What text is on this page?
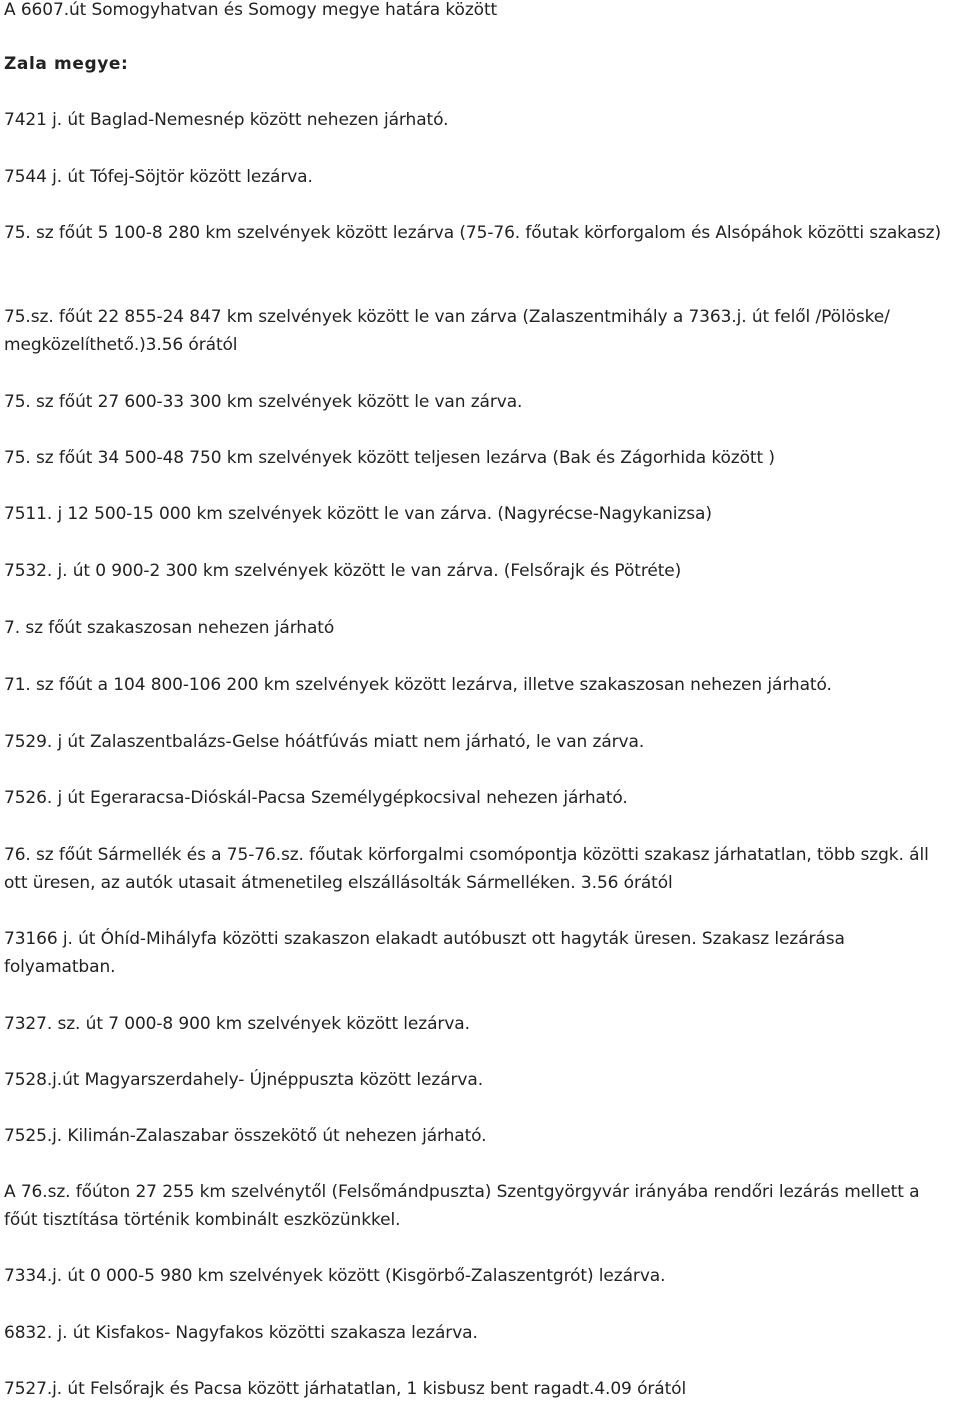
A 6607.út Somogyhatvan és Somogy megye határa között
Zala megye:
7421 j. út Baglad-Nemesnép között nehezen járható.
7544 j. út Tófej-Söjtör között lezárva.
75. sz főút 5 100-8 280 km szelvények között lezárva (75-76. főutak körforgalom és Alsópáhok közötti szakasz)
75.sz. főút 22 855-24 847 km szelvények között le van zárva (Zalaszentmihály a 7363.j. út felől /Pölöske/ megközelíthető.)3.56 órától
75. sz főút 27 600-33 300 km szelvények között le van zárva.
75. sz főút 34 500-48 750 km szelvények között teljesen lezárva (Bak és Zágorhida között )
7511. j 12 500-15 000 km szelvények között le van zárva. (Nagyrécse-Nagykanizsa)
7532. j. út 0 900-2 300 km szelvények között le van zárva. (Felsőrajk és Pötréte)
7. sz főút szakaszosan nehezen járható
71. sz főút a 104 800-106 200 km szelvények között lezárva, illetve szakaszosan nehezen járható.
7529. j út Zalaszentbalázs-Gelse hóátfúvás miatt nem járható, le van zárva.
7526. j út Egeraracsa-Dióskál-Pacsa Személygépkocsival nehezen járható.
76. sz főút Sármellék és a 75-76.sz. főutak körforgalmi csomópontja közötti szakasz járhatatlan, több szgk. áll ott üresen, az autók utasait átmenetileg elszállásolták Sármelléken. 3.56 órától
73166 j. út Óhíd-Mihályfa közötti szakaszon elakadt autóbuszt ott hagyták üresen. Szakasz lezárása folyamatban.
7327. sz. út 7 000-8 900 km szelvények között lezárva.
7528.j.út Magyarszerdahely- Újnéppuszta között lezárva.
7525.j. Kilimán-Zalaszabar összekötő út nehezen járható.
A 76.sz. főúton 27 255 km szelvénytől (Felsőmándpuszta) Szentgyörgyvár irányába rendőri lezárás mellett a főút tisztítása történik kombinált eszközünkkel.
7334.j. út 0 000-5 980 km szelvények között (Kisgörbő-Zalaszentgrót) lezárva.
6832. j. út Kisfakos- Nagyfakos közötti szakasza lezárva.
7527.j. út Felsőrajk és Pacsa között járhatatlan, 1 kisbusz bent ragadt.4.09 órától
